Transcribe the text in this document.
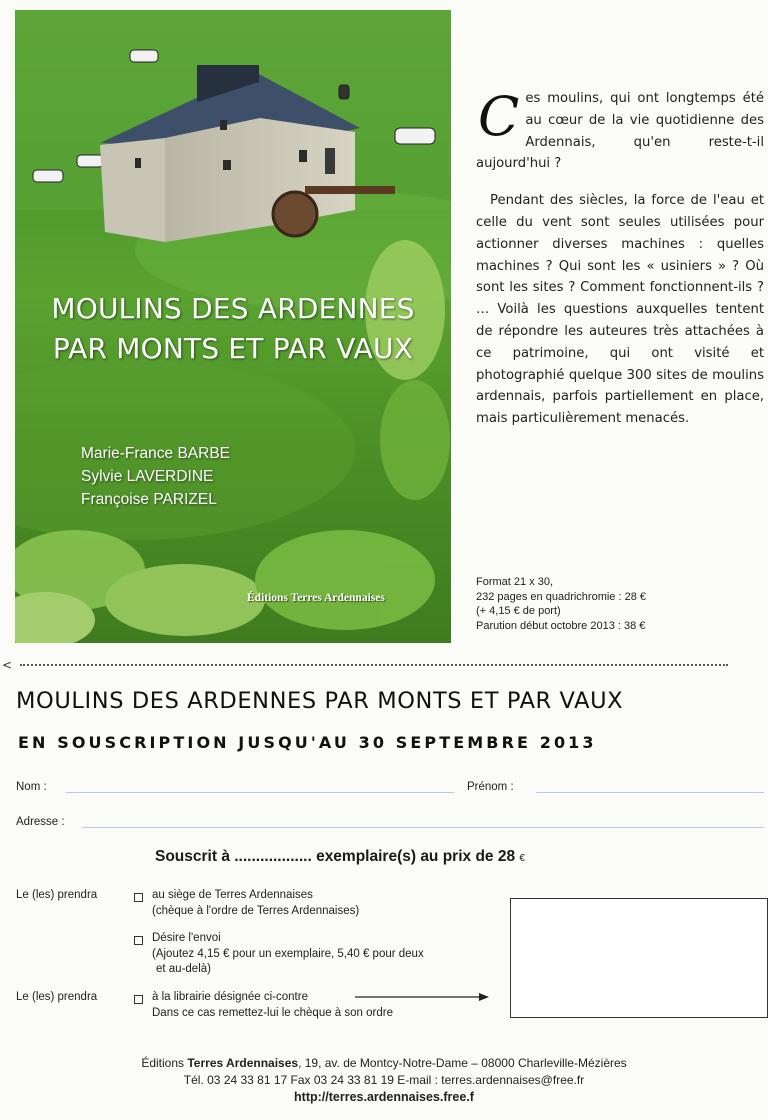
MOULINS DES ARDENNES
PAR MONTS ET PAR VAUX
Marie-France BARBE
Sylvie LAVERDINE
Françoise PARIZEL
Éditions Terres Ardennaises

Ces moulins, qui ont longtemps été au cœur de la vie quotidienne des Ardennais, qu'en reste-t-il aujourd'hui ?

Pendant des siècles, la force de l'eau et celle du vent sont seules utilisées pour actionner diverses machines : quelles machines ? Qui sont les « usiniers » ? Où sont les sites ? Comment fonctionnent-ils ? … Voilà les questions auxquelles tentent de répondre les auteures très attachées à ce patrimoine, qui ont visité et photographié quelque 300 sites de moulins ardennais, parfois partiellement en place, mais particulièrement menacés.

Format 21 x 30,
232 pages en quadrichromie : 28 €
(+ 4,15 € de port)
Parution début octobre 2013 : 38 €
<
MOULINS DES ARDENNES PAR MONTS ET PAR VAUX
EN SOUSCRIPTION JUSQU'AU 30 SEPTEMBRE 2013
Nom :	Prénom :
Adresse :
Souscrit à .................. exemplaire(s) au prix de 28 €
Le (les) prendra	au siège de Terres Ardennaises
(chèque à l'ordre de Terres Ardennaises)
Désire l'envoi
(Ajoutez 4,15 € pour un exemplaire, 5,40 € pour deux
et au-delà)
Le (les) prendra	à la librairie désignée ci-contre
Dans ce cas remettez-lui le chèque à son ordre
Éditions Terres Ardennaises, 19, av. de Montcy-Notre-Dame – 08000 Charleville-Mézières
Tél. 03 24 33 81 17 Fax 03 24 33 81 19 E-mail : terres.ardennaises@free.fr
http://terres.ardennaises.free.f
